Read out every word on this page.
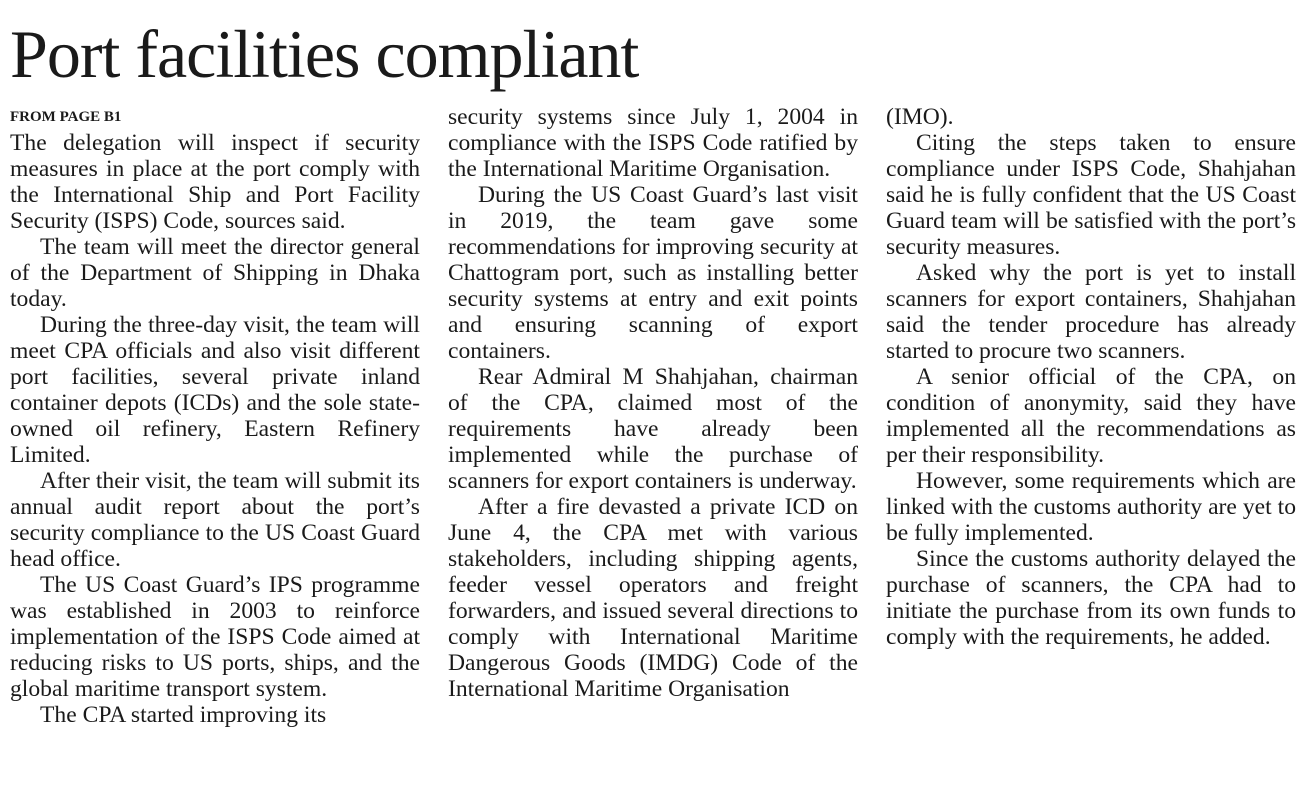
Port facilities compliant
FROM PAGE B1

The delegation will inspect if security measures in place at the port comply with the International Ship and Port Facility Security (ISPS) Code, sources said.

The team will meet the director general of the Department of Shipping in Dhaka today.

During the three-day visit, the team will meet CPA officials and also visit different port facilities, several private inland container depots (ICDs) and the sole state-owned oil refinery, Eastern Refinery Limited.

After their visit, the team will submit its annual audit report about the port’s security compliance to the US Coast Guard head office.

The US Coast Guard’s IPS programme was established in 2003 to reinforce implementation of the ISPS Code aimed at reducing risks to US ports, ships, and the global maritime transport system.

The CPA started improving its

security systems since July 1, 2004 in compliance with the ISPS Code ratified by the International Maritime Organisation.

During the US Coast Guard’s last visit in 2019, the team gave some recommendations for improving security at Chattogram port, such as installing better security systems at entry and exit points and ensuring scanning of export containers.

Rear Admiral M Shahjahan, chairman of the CPA, claimed most of the requirements have already been implemented while the purchase of scanners for export containers is underway.

After a fire devasted a private ICD on June 4, the CPA met with various stakeholders, including shipping agents, feeder vessel operators and freight forwarders, and issued several directions to comply with International Maritime Dangerous Goods (IMDG) Code of the International Maritime Organisation

(IMO).

Citing the steps taken to ensure compliance under ISPS Code, Shahjahan said he is fully confident that the US Coast Guard team will be satisfied with the port’s security measures.

Asked why the port is yet to install scanners for export containers, Shahjahan said the tender procedure has already started to procure two scanners.

A senior official of the CPA, on condition of anonymity, said they have implemented all the recommendations as per their responsibility.

However, some requirements which are linked with the customs authority are yet to be fully implemented.

Since the customs authority delayed the purchase of scanners, the CPA had to initiate the purchase from its own funds to comply with the requirements, he added.
